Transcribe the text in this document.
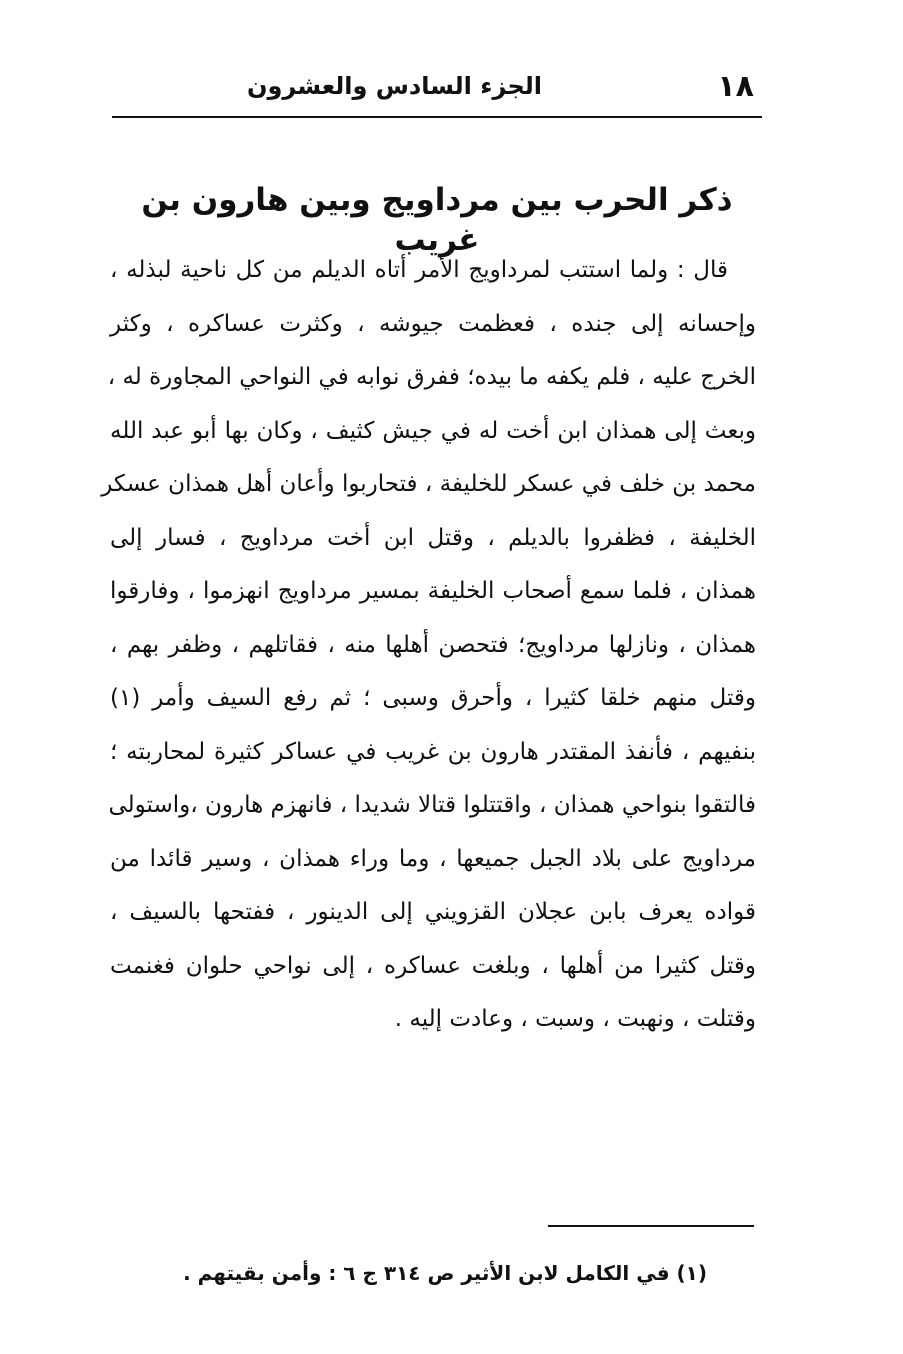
١٨
الجزء السادس والعشرون
ذكر الحرب بين مرداويج وبين هارون بن غريب
قال : ولما استتب لمرداويج الأمر أتاه الديلم من كل ناحية لبذله ،
وإحسانه إلى جنده ، فعظمت جيوشه ، وكثرت عساكره ، وكثر
الخرج عليه ، فلم يكفه ما بيده؛ ففرق نوابه في النواحي المجاورة له ،
وبعث إلى همذان ابن أخت له في جيش كثيف ، وكان بها أبو عبد الله
محمد بن خلف في عسكر للخليفة ، فتحاربوا وأعان أهل همذان عسكر
الخليفة ، فظفروا بالديلم ، وقتل ابن أخت مرداويج ، فسار إلى
همذان ، فلما سمع أصحاب الخليفة بمسير مرداويج انهزموا ، وفارقوا
همذان ، ونازلها مرداويج؛ فتحصن أهلها منه ، فقاتلهم ، وظفر بهم ،
وقتل منهم خلقا كثيرا ، وأحرق وسبى ؛ ثم رفع السيف وأمر (١)
بنفيهم ، فأنفذ المقتدر هارون بن غريب في عساكر كثيرة لمحاربته ؛
فالتقوا بنواحي همذان ، واقتتلوا قتالا شديدا ، فانهزم هارون ،واستولى
مرداويج على بلاد الجبل جميعها ، وما وراء همذان ، وسير قائدا من
قواده يعرف بابن عجلان القزويني إلى الدينور ، ففتحها بالسيف ،
وقتل كثيرا من أهلها ، وبلغت عساكره ، إلى نواحي حلوان فغنمت
وقتلت ، ونهبت ، وسبت ، وعادت إليه .
(١) في الكامل لابن الأثير ص ٣١٤ ج ٦ : وأمن بقيتهم .
